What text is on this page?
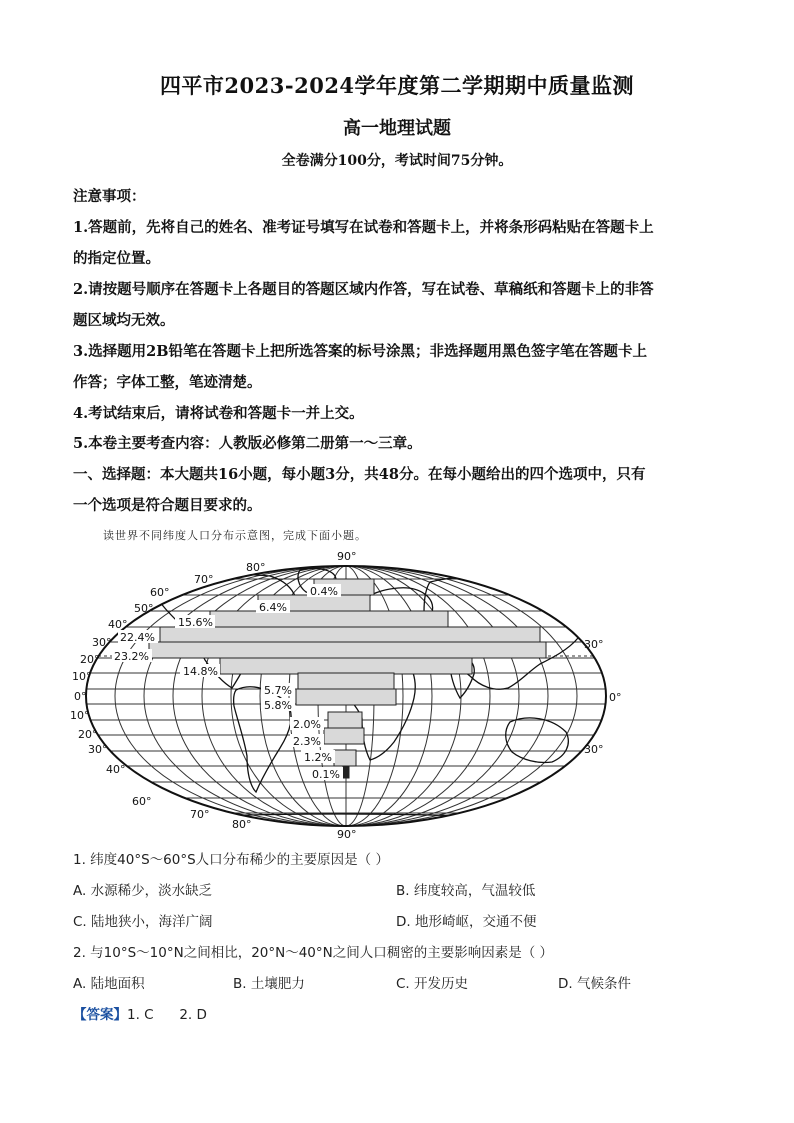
四平市2023-2024学年度第二学期期中质量监测
高一地理试题
全卷满分100分，考试时间75分钟。
注意事项：
1.答题前，先将自己的姓名、准考证号填写在试卷和答题卡上，并将条形码粘贴在答题卡上
的指定位置。
2.请按题号顺序在答题卡上各题目的答题区域内作答，写在试卷、草稿纸和答题卡上的非答
题区域均无效。
3.选择题用2B铅笔在答题卡上把所选答案的标号涂黑；非选择题用黑色签字笔在答题卡上
作答；字体工整，笔迹清楚。
4.考试结束后，请将试卷和答题卡一并上交。
5.本卷主要考查内容：人教版必修第二册第一～三章。
一、选择题：本大题共16小题，每小题3分，共48分。在每小题给出的四个选项中，只有
一个选项是符合题目要求的。
读世界不同纬度人口分布示意图，完成下面小题。
0.4%
6.4%
15.6%
22.4%
23.2%
14.8%
5.7%
5.8%
2.0%
2.3%
1.2%
0.1%
90°
80°
70°
60°
50°
40°
30°
20°
10°
0°
10°
20°
30°
40°
60°
70°
80°
90°
30°
0°
30°
1. 纬度40°S～60°S人口分布稀少的主要原因是（ ）
A. 水源稀少，淡水缺乏	B. 纬度较高，气温较低
C. 陆地狭小，海洋广阔	D. 地形崎岖，交通不便
2. 与10°S～10°N之间相比，20°N～40°N之间人口稠密的主要影响因素是（ ）
A. 陆地面积	B. 土壤肥力	C. 开发历史	D. 气候条件
【答案】1. C      2. D
